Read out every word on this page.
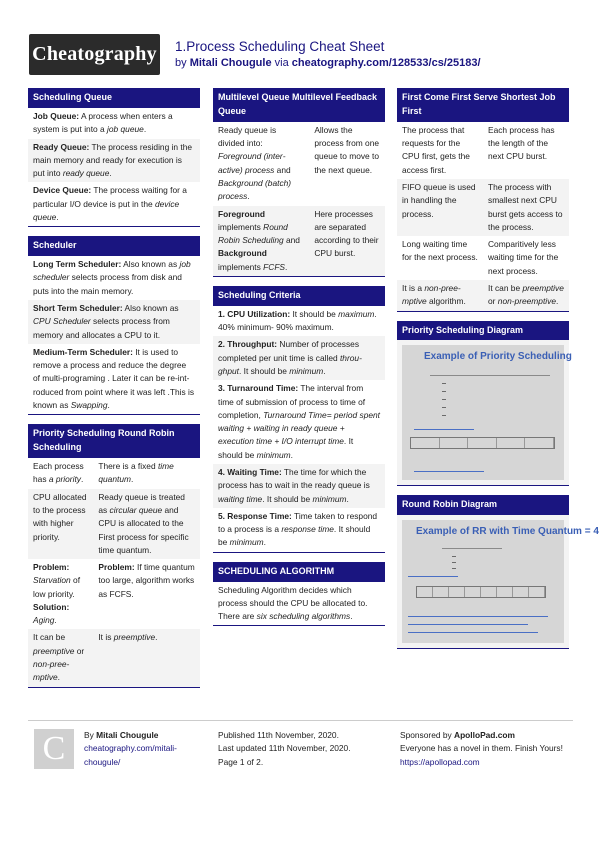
Cheatography 1.Process Scheduling Cheat Sheet
by Mitali Chougule via cheatography.com/128533/cs/25183/
Scheduling Queue
Job Queue: A process when enters a system is put into a job queue.
Ready Queue: The process residing in the main memory and ready for execution is put into ready queue.
Device Queue: The process waiting for a particular I/O device is put in the device queue.
Scheduler
Long Term Scheduler: Also known as job scheduler selects process from disk and puts into the main memory.
Short Term Scheduler: Also known as CPU Scheduler selects process from memory and allocates a CPU to it.
Medium-Term Scheduler: It is used to remove a process and reduce the degree of multi-programing . Later it can be re-introduced from point where it was left .This is known as Swapping.
Priority Scheduling Round Robin Scheduling
Each process has a priority.
There is a fixed time quantum.
CPU allocated to the process with higher priority.
Ready queue is treated as circular queue and CPU is allocated to the First process for specific time quantum.
Problem:
Starvation of low priority.
Solution:
Aging.
Problem: If time quantum too large, algorithm works as FCFS.
It can be preemptive or non-preemptive.
It is preemptive.
Multilevel Queue Multilevel Feedback Queue
Ready queue is divided into: Foreground (interactive) process and Background (batch) process.
Allows the process from one queue to move to the next queue.
Foreground implements Round Robin Scheduling and Background implements FCFS.
Here processes are separated according to their CPU burst.
Scheduling Criteria
1. CPU Utilization: It should be maximum. 40% minimum- 90% maximum.
2. Throughput: Number of processes completed per unit time is called throughput. It should be minimum.
3. Turnaround Time: The interval from time of submission of process to time of completion, Turnaround Time= period spent waiting + waiting in ready queue + execution time + I/O interrupt time. It should be minimum.
4. Waiting Time: The time for which the process has to wait in the ready queue is waiting time. It should be minimum.
5. Response Time: Time taken to respond to a process is a response time. It should be minimum.
SCHEDULING ALGORITHM
Scheduling Algorithm decides which process should the CPU be allocated to. There are six scheduling algorithms.
First Come First Serve Shortest Job First
The process that requests for the CPU first, gets the access first.
Each process has the length of the next CPU burst.
FIFO queue is used in handling the process.
The process with smallest next CPU burst gets access to the process.
Long waiting time for the next process.
Comparitively less waiting time for the next process.
It is a non-preemptive algorithm.
It can be preemptive or non-preemptive.
Priority Scheduling Diagram
Example of Priority Scheduling
Round Robin Diagram
Example of RR with Time Quantum = 4
C	By Mitali Chougule
cheatography.com/mitali-chougule/
Published 11th November, 2020.
Last updated 11th November, 2020.
Page 1 of 2.
Sponsored by ApolloPad.com
Everyone has a novel in them. Finish Yours!
https://apollopad.com
